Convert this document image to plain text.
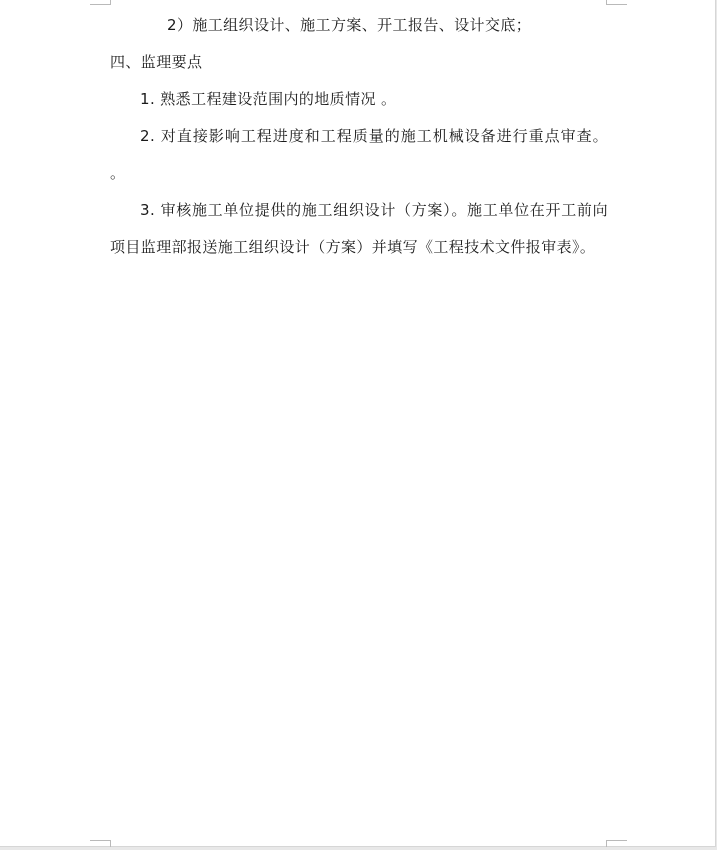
2）施工组织设计、施工方案、开工报告、设计交底；

四、监理要点

1. 熟悉工程建设范围内的地质情况 。

2. 对直接影响工程进度和工程质量的施工机械设备进行重点审查。 。

3. 审核施工单位提供的施工组织设计（方案）。施工单位在开工前向项目监理部报送施工组织设计（方案）并填写《工程技术文件报审表》。
